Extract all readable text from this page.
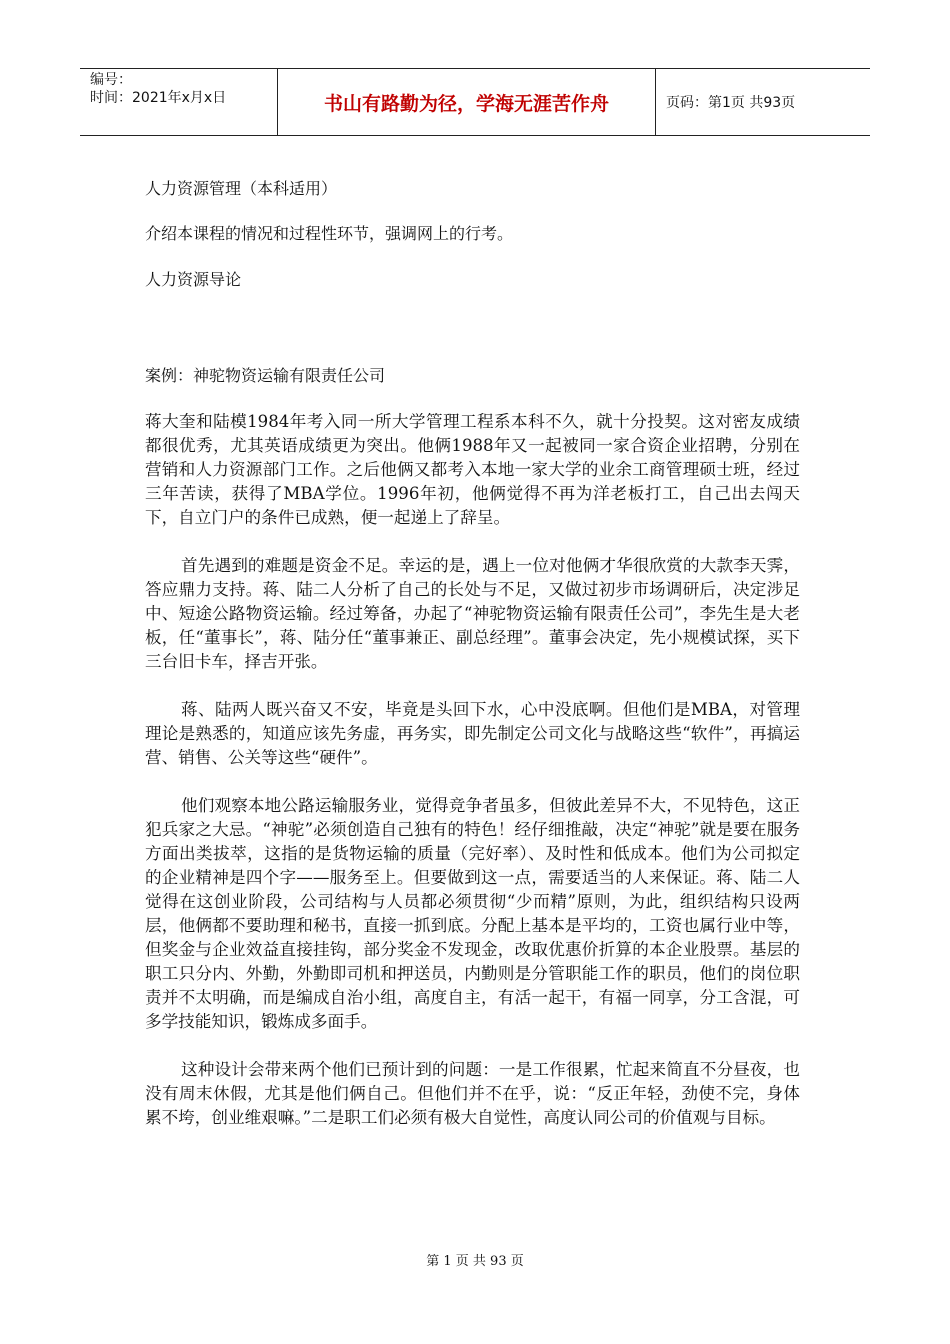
编号：
时间：2021年x月x日	书山有路勤为径，学海无涯苦作舟	页码：第1页 共93页
人力资源管理（本科适用）
介绍本课程的情况和过程性环节，强调网上的行考。
人力资源导论
案例：神驼物资运输有限责任公司

蒋大奎和陆模1984年考入同一所大学管理工程系本科不久，就十分投契。这对密友成绩都很优秀，尤其英语成绩更为突出。他俩1988年又一起被同一家合资企业招聘，分别在营销和人力资源部门工作。之后他俩又都考入本地一家大学的业余工商管理硕士班，经过三年苦读，获得了MBA学位。1996年初，他俩觉得不再为洋老板打工，自己出去闯天下，自立门户的条件已成熟，便一起递上了辞呈。

首先遇到的难题是资金不足。幸运的是，遇上一位对他俩才华很欣赏的大款李天霁，答应鼎力支持。蒋、陆二人分析了自己的长处与不足，又做过初步市场调研后，决定涉足中、短途公路物资运输。经过筹备，办起了“神驼物资运输有限责任公司”，李先生是大老板，任“董事长”，蒋、陆分任“董事兼正、副总经理”。董事会决定，先小规模试探，买下三台旧卡车，择吉开张。

蒋、陆两人既兴奋又不安，毕竟是头回下水，心中没底啊。但他们是MBA，对管理理论是熟悉的，知道应该先务虚，再务实，即先制定公司文化与战略这些“软件”，再搞运营、销售、公关等这些“硬件”。

他们观察本地公路运输服务业，觉得竞争者虽多，但彼此差异不大，不见特色，这正犯兵家之大忌。“神驼”必须创造自己独有的特色！经仔细推敲，决定“神驼”就是要在服务方面出类拔萃，这指的是货物运输的质量（完好率）、及时性和低成本。他们为公司拟定的企业精神是四个字——服务至上。但要做到这一点，需要适当的人来保证。蒋、陆二人觉得在这创业阶段，公司结构与人员都必须贯彻“少而精”原则，为此，组织结构只设两层，他俩都不要助理和秘书，直接一抓到底。分配上基本是平均的，工资也属行业中等，但奖金与企业效益直接挂钩，部分奖金不发现金，改取优惠价折算的本企业股票。基层的职工只分内、外勤，外勤即司机和押送员，内勤则是分管职能工作的职员，他们的岗位职责并不太明确，而是编成自治小组，高度自主，有活一起干，有福一同享，分工含混，可多学技能知识，锻炼成多面手。

这种设计会带来两个他们已预计到的问题：一是工作很累，忙起来简直不分昼夜，也没有周末休假，尤其是他们俩自己。但他们并不在乎，说：“反正年轻，劲使不完，身体累不垮，创业维艰嘛。”二是职工们必须有极大自觉性，高度认同公司的价值观与目标。

第 1 页 共 93 页
